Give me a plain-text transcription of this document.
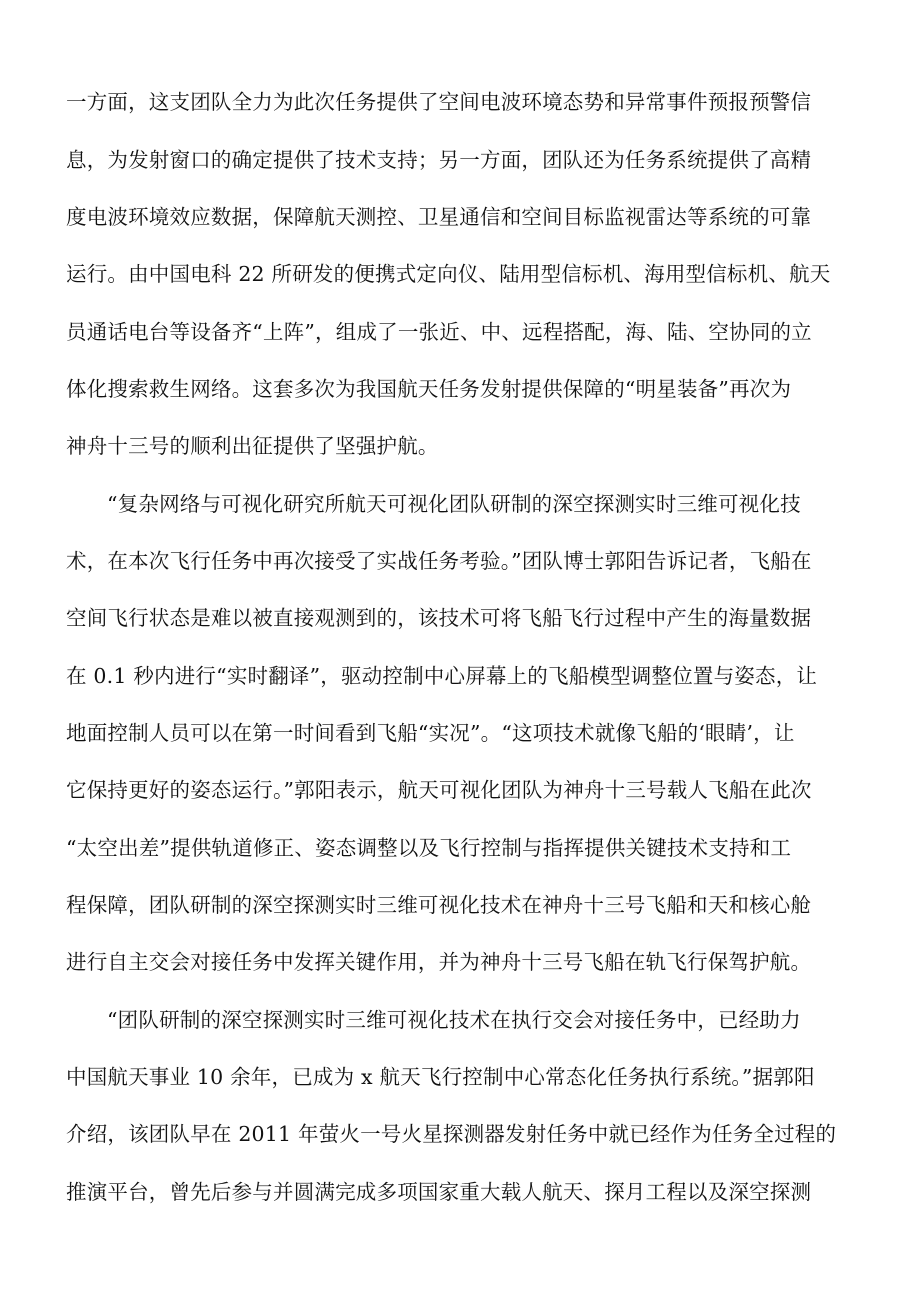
一方面，这支团队全力为此次任务提供了空间电波环境态势和异常事件预报预警信
息，为发射窗口的确定提供了技术支持；另一方面，团队还为任务系统提供了高精
度电波环境效应数据，保障航天测控、卫星通信和空间目标监视雷达等系统的可靠
运行。由中国电科 22 所研发的便携式定向仪、陆用型信标机、海用型信标机、航天
员通话电台等设备齐“上阵”，组成了一张近、中、远程搭配，海、陆、空协同的立
体化搜索救生网络。这套多次为我国航天任务发射提供保障的“明星装备”再次为
神舟十三号的顺利出征提供了坚强护航。
“复杂网络与可视化研究所航天可视化团队研制的深空探测实时三维可视化技
术，在本次飞行任务中再次接受了实战任务考验。”团队博士郭阳告诉记者，飞船在
空间飞行状态是难以被直接观测到的，该技术可将飞船飞行过程中产生的海量数据
在 0.1 秒内进行“实时翻译”，驱动控制中心屏幕上的飞船模型调整位置与姿态，让
地面控制人员可以在第一时间看到飞船“实况”。“这项技术就像飞船的‘眼睛’，让
它保持更好的姿态运行。”郭阳表示，航天可视化团队为神舟十三号载人飞船在此次
“太空出差”提供轨道修正、姿态调整以及飞行控制与指挥提供关键技术支持和工
程保障，团队研制的深空探测实时三维可视化技术在神舟十三号飞船和天和核心舱
进行自主交会对接任务中发挥关键作用，并为神舟十三号飞船在轨飞行保驾护航。
“团队研制的深空探测实时三维可视化技术在执行交会对接任务中，已经助力
中国航天事业 10 余年，已成为 x 航天飞行控制中心常态化任务执行系统。”据郭阳
介绍，该团队早在 2011 年萤火一号火星探测器发射任务中就已经作为任务全过程的
推演平台，曾先后参与并圆满完成多项国家重大载人航天、探月工程以及深空探测
